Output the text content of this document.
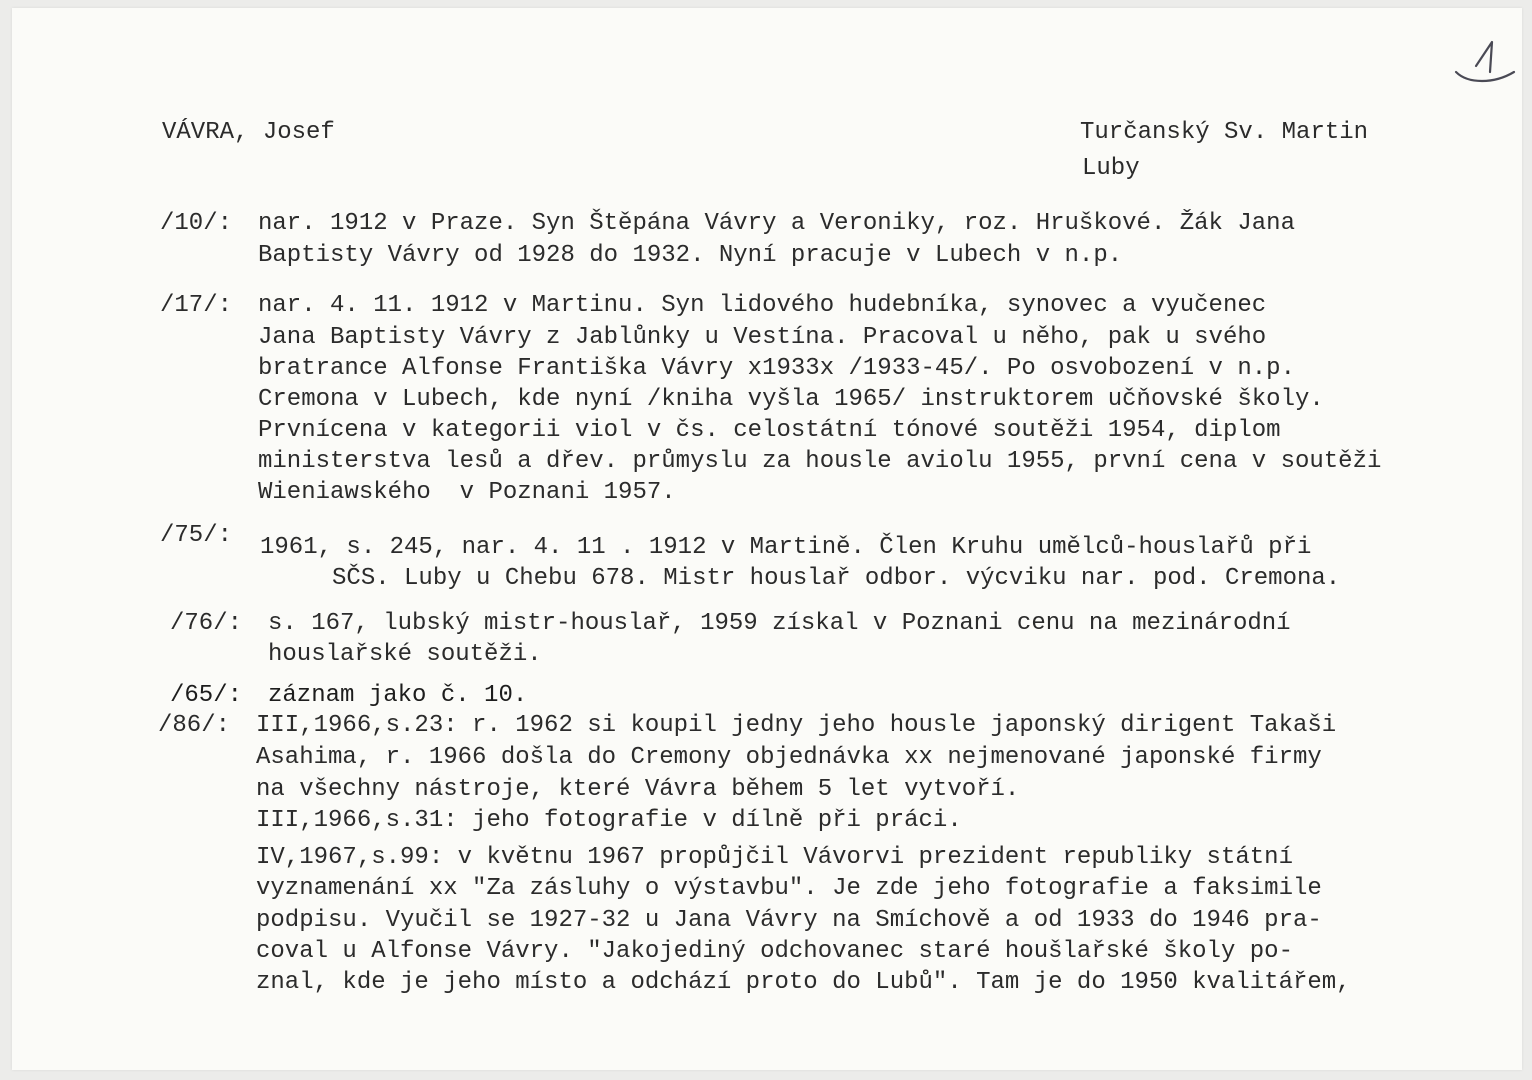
1
VÁVRA, Josef	Turčanský Sv. Martin
Luby
/10/: nar. 1912 v Praze. Syn Štěpána Vávry a Veroniky, roz. Hruškové. Žák Jana
Baptisty Vávry od 1928 do 1932. Nyní pracuje v Lubech v n.p.
/17/: nar. 4. 11. 1912 v Martinu. Syn lidového hudebníka, synovec a vyučenec
Jana Baptisty Vávry z Jablůnky u Vestína. Pracoval u něho, pak u svého
bratrance Alfonse Františka Vávry x1933x /1933-45/. Po osvobození v n.p.
Cremona v Lubech, kde nyní /kniha vyšla 1965/ instruktorem učňovské školy.
Prvnícena v kategorii viol v čs. celostátní tónové soutěži 1954, diplom
ministerstva lesů a dřev. průmyslu za housle aviolu 1955, první cena v soutěži
Wieniawského  v Poznani 1957.
/75/: 1961, s. 245, nar. 4. 11 . 1912 v Martině. Člen Kruhu umělců-houslařů při
SČS. Luby u Chebu 678. Mistr houslař odbor. výcviku nar. pod. Cremona.
/76/: s. 167, lubský mistr-houslař, 1959 získal v Poznani cenu na mezinárodní
houslařské soutěži.
/65/: záznam jako č. 10.
/86/: III,1966,s.23: r. 1962 si koupil jedny jeho housle japonský dirigent Takaši
Asahima, r. 1966 došla do Cremony objednávka xx nejmenované japonské firmy
na všechny nástroje, které Vávra během 5 let vytvoří.
III,1966,s.31: jeho fotografie v dílně při práci.
IV,1967,s.99: v květnu 1967 propůjčil Vávorvi prezident republiky státní
vyznamenání xx "Za zásluhy o výstavbu". Je zde jeho fotografie a faksimile
podpisu. Vyučil se 1927-32 u Jana Vávry na Smíchově a od 1933 do 1946 pra-
coval u Alfonse Vávry. "Jakojediný odchovanec staré houšlařské školy po-
znal, kde je jeho místo a odchází proto do Lubů". Tam je do 1950 kvalitářem,
